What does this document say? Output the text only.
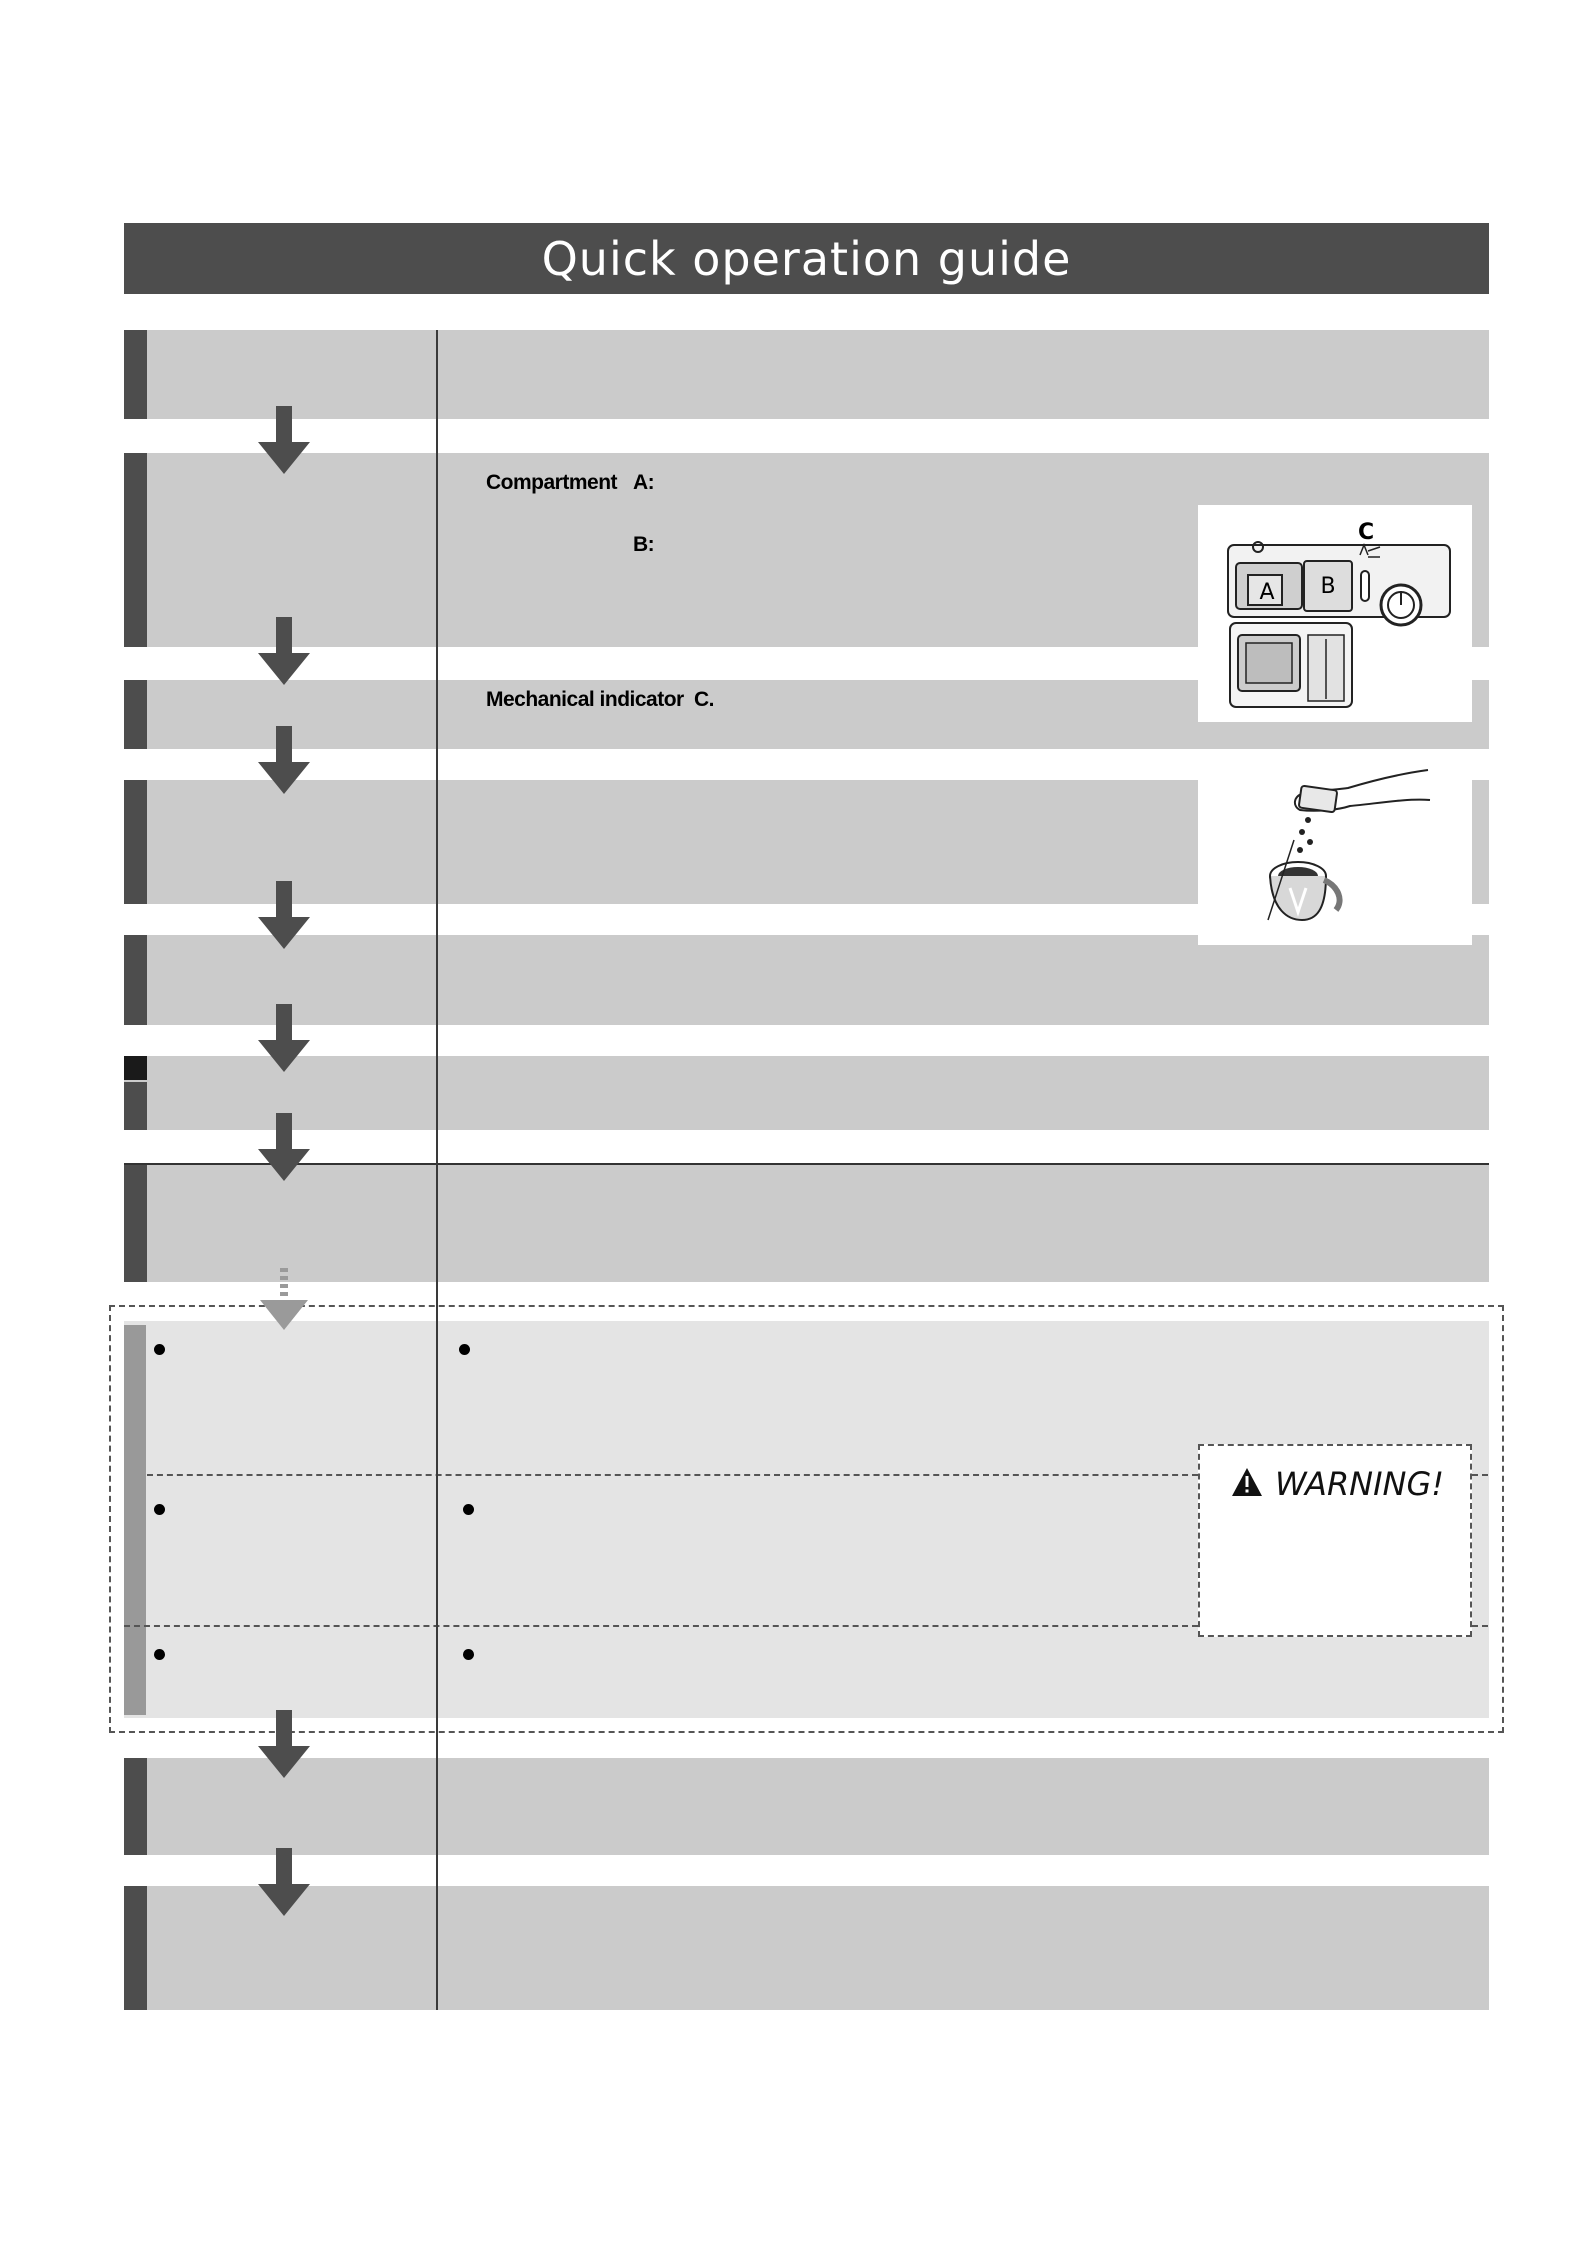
Quick operation guide
WARNING!
Compartment A:
B:
Mechanical indicator C.
A	B
C
